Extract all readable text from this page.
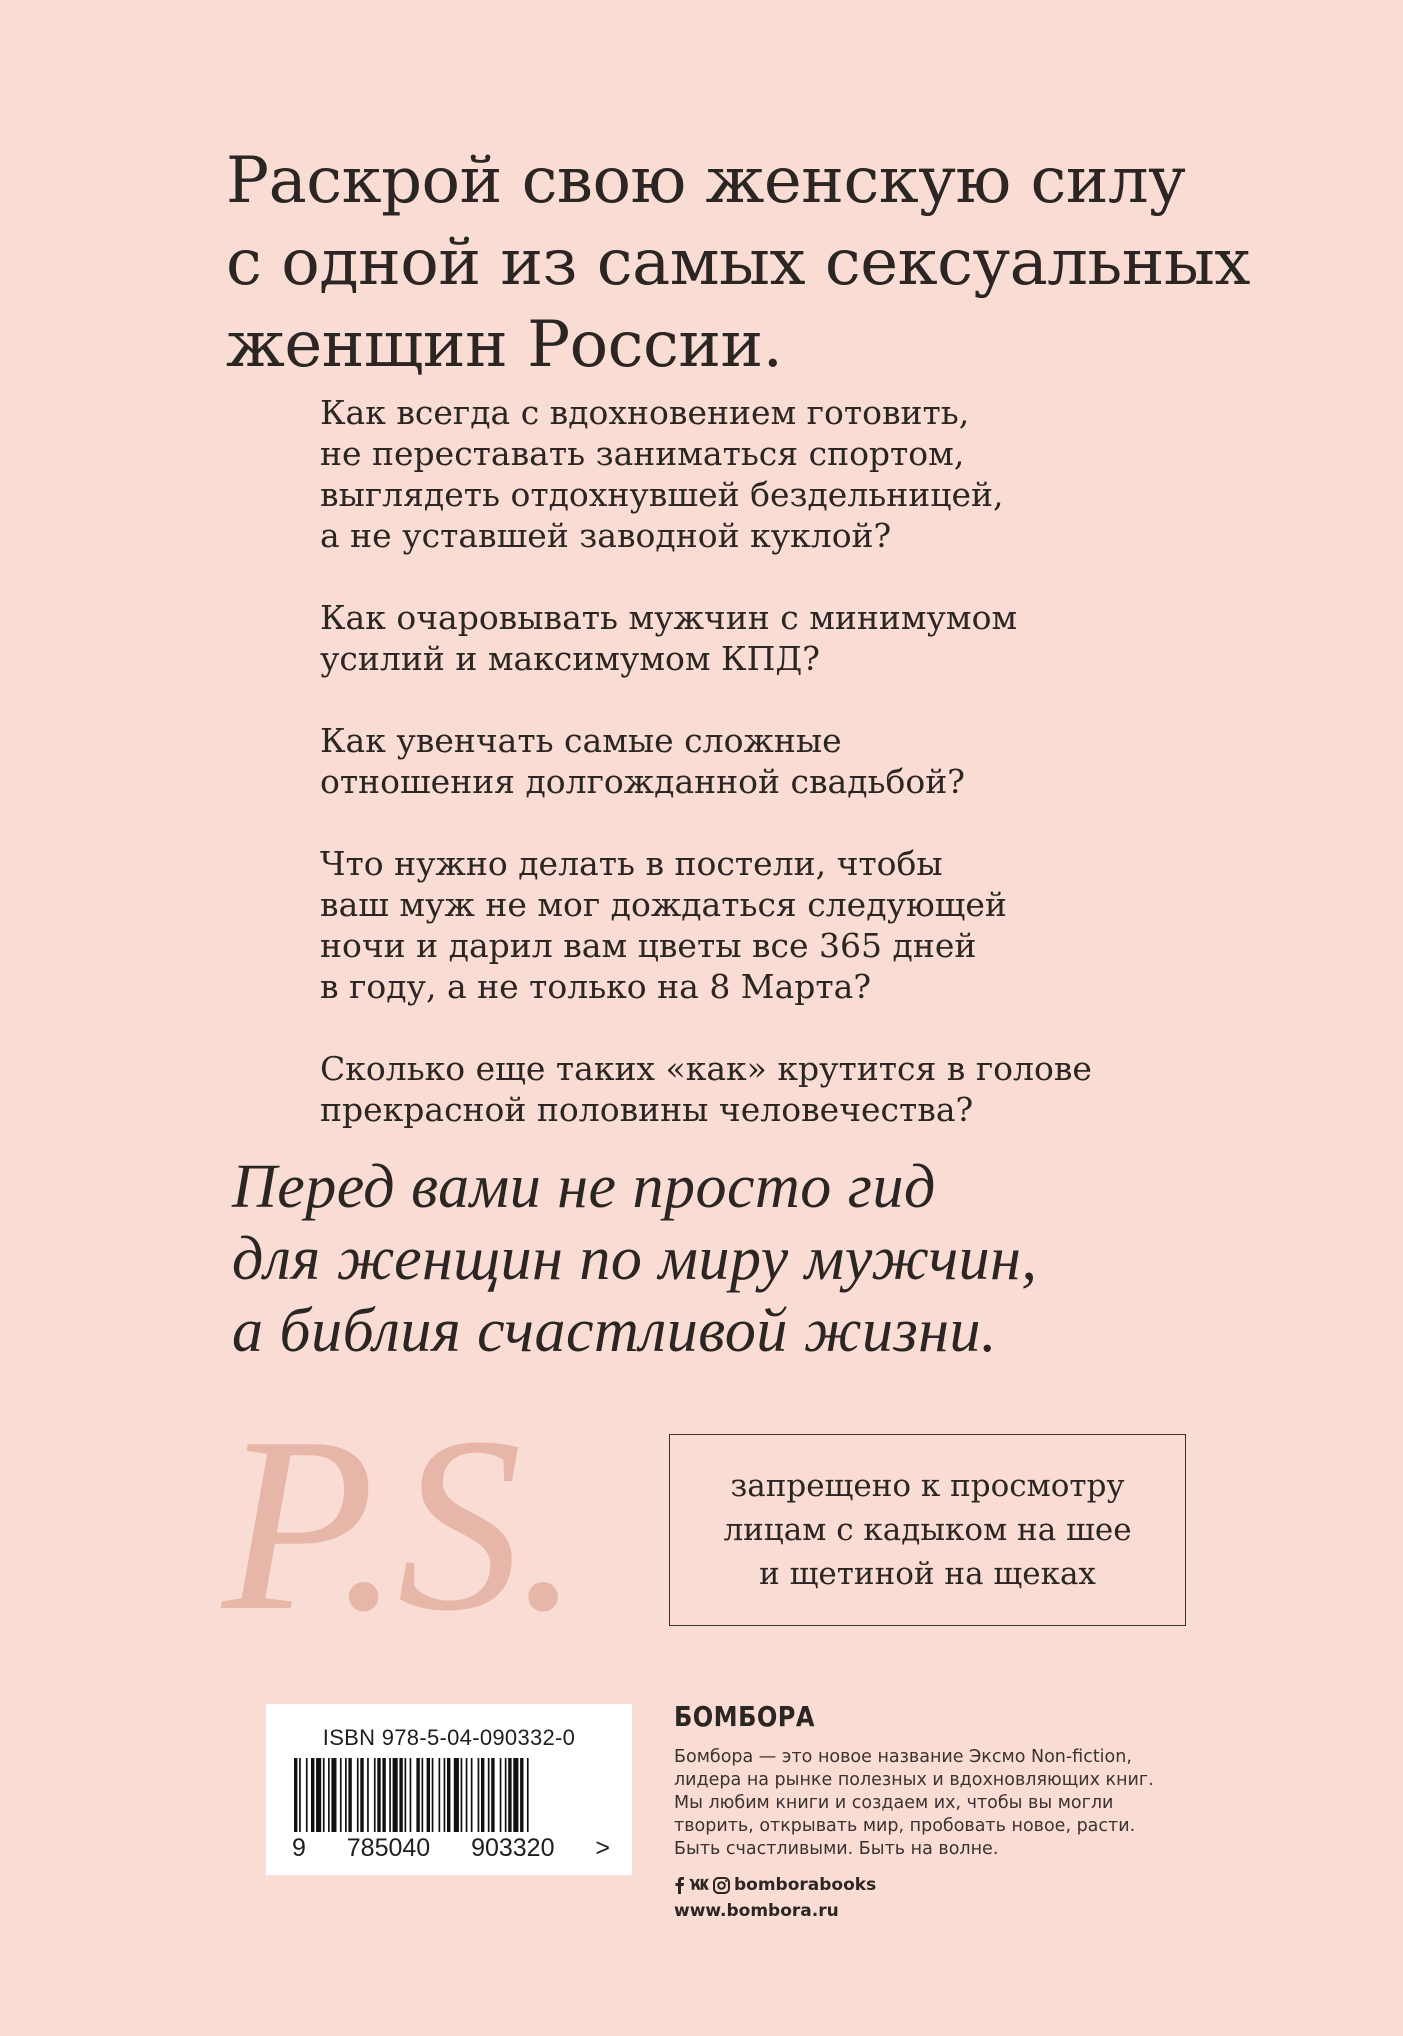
Раскрой свою женскую силу
с одной из самых сексуальных
женщин России.
Как всегда с вдохновением готовить,
не переставать заниматься спортом,
выглядеть отдохнувшей бездельницей,
а не уставшей заводной куклой?
Как очаровывать мужчин с минимумом
усилий и максимумом КПД?
Как увенчать самые сложные
отношения долгожданной свадьбой?
Что нужно делать в постели, чтобы
ваш муж не мог дождаться следующей
ночи и дарил вам цветы все 365 дней
в году, а не только на 8 Марта?
Сколько еще таких «как» крутится в голове
прекрасной половины человечества?
Перед вами не просто гид
для женщин по миру мужчин,
а библия счастливой жизни.
P.S.	запрещено к просмотру
лицам с кадыком на шее
и щетиной на щеках
ISBN 978-5-04-090332-0
9 785040 903320 >
БОМБОРА
Бомбора — это новое название Эксмо Non-fiction,
лидера на рынке полезных и вдохновляющих книг.
Мы любим книги и создаем их, чтобы вы могли
творить, открывать мир, пробовать новое, расти.
Быть счастливыми. Быть на волне.
bomborabooks
www.bombora.ru
